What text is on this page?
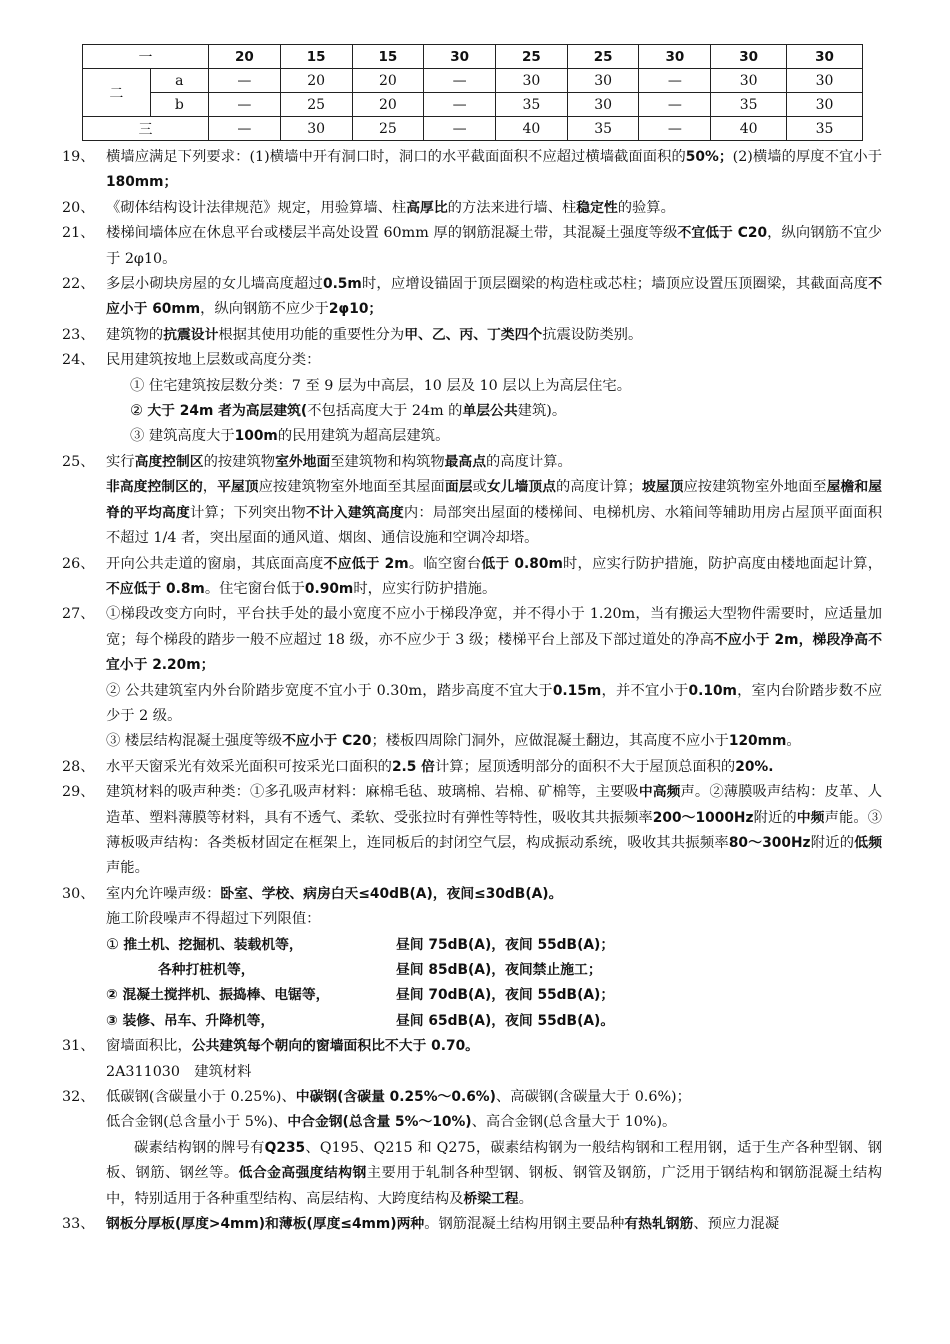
一		20	15	15	30	25	25	30	30	30
二	a	—	20	20	—	30	30	—	30	30
	b	—	25	20	—	35	30	—	35	30
三		—	30	25	—	40	35	—	40	35
19、 横墙应满足下列要求：(1)横墙中开有洞口时，洞口的水平截面面积不应超过横墙截面面积的50%；(2)横墙的厚度不宜小于180mm；
20、 《砌体结构设计法律规范》规定，用验算墙、柱高厚比的方法来进行墙、柱稳定性的验算。
21、 楼梯间墙体应在休息平台或楼层半高处设置 60mm 厚的钢筋混凝土带，其混凝土强度等级不宜低于 C20，纵向钢筋不宜少于 2φ10。
22、 多层小砌块房屋的女儿墙高度超过0.5m时，应增设锚固于顶层圈梁的构造柱或芯柱；墙顶应设置压顶圈梁，其截面高度不应小于 60mm，纵向钢筋不应少于2φ10；
23、 建筑物的抗震设计根据其使用功能的重要性分为甲、乙、丙、丁类四个抗震设防类别。
24、 民用建筑按地上层数或高度分类：
① 住宅建筑按层数分类：7 至 9 层为中高层，10 层及 10 层以上为高层住宅。
② 大于 24m 者为高层建筑(不包括高度大于 24m 的单层公共建筑)。
③ 建筑高度大于100m的民用建筑为超高层建筑。
25、 实行高度控制区的按建筑物室外地面至建筑物和构筑物最高点的高度计算。
非高度控制区的，平屋顶应按建筑物室外地面至其屋面面层或女儿墙顶点的高度计算；坡屋顶应按建筑物室外地面至屋檐和屋脊的平均高度计算；下列突出物不计入建筑高度内：局部突出屋面的楼梯间、电梯机房、水箱间等辅助用房占屋顶平面面积不超过 1/4 者，突出屋面的通风道、烟囱、通信设施和空调冷却塔。
26、 开向公共走道的窗扇，其底面高度不应低于 2m。临空窗台低于 0.80m时，应实行防护措施，防护高度由楼地面起计算，不应低于 0.8m。住宅窗台低于0.90m时，应实行防护措施。
27、 ①梯段改变方向时，平台扶手处的最小宽度不应小于梯段净宽，并不得小于 1.20m，当有搬运大型物件需要时，应适量加宽；每个梯段的踏步一般不应超过 18 级，亦不应少于 3 级；楼梯平台上部及下部过道处的净高不应小于 2m，梯段净高不宜小于 2.20m；
② 公共建筑室内外台阶踏步宽度不宜小于 0.30m，踏步高度不宜大于0.15m，并不宜小于0.10m，室内台阶踏步数不应少于 2 级。
③ 楼层结构混凝土强度等级不应小于 C20；楼板四周除门洞外，应做混凝土翻边，其高度不应小于120mm。
28、 水平天窗采光有效采光面积可按采光口面积的2.5 倍计算；屋顶透明部分的面积不大于屋顶总面积的20%.
29、 建筑材料的吸声种类：①多孔吸声材料：麻棉毛毡、玻璃棉、岩棉、矿棉等，主要吸中高频声。②薄膜吸声结构：皮革、人造革、塑料薄膜等材料，具有不透气、柔软、受张拉时有弹性等特性，吸收其共振频率200～1000Hz附近的中频声能。③薄板吸声结构：各类板材固定在框架上，连同板后的封闭空气层，构成振动系统，吸收其共振频率80～300Hz附近的低频声能。
30、 室内允许噪声级：卧室、学校、病房白天≤40dB(A)，夜间≤30dB(A)。
施工阶段噪声不得超过下列限值：
① 推土机、挖掘机、装载机等，	昼间 75dB(A)，夜间 55dB(A)；
各种打桩机等，	昼间 85dB(A)，夜间禁止施工；
② 混凝土搅拌机、振捣棒、电锯等，	昼间 70dB(A)，夜间 55dB(A)；
③ 装修、吊车、升降机等，	昼间 65dB(A)，夜间 55dB(A)。
31、 窗墙面积比，公共建筑每个朝向的窗墙面积比不大于 0.70。
2A311030　建筑材料
32、 低碳钢(含碳量小于 0.25%)、中碳钢(含碳量 0.25%～0.6%)、高碳钢(含碳量大于 0.6%)；
低合金钢(总含量小于 5%)、中合金钢(总含量 5%～10%)、高合金钢(总含量大于 10%)。
碳素结构钢的牌号有Q235、Q195、Q215 和 Q275，碳素结构钢为一般结构钢和工程用钢，适于生产各种型钢、钢板、钢筋、钢丝等。低合金高强度结构钢主要用于轧制各种型钢、钢板、钢管及钢筋，广泛用于钢结构和钢筋混凝土结构中，特别适用于各种重型结构、高层结构、大跨度结构及桥梁工程。
33、 钢板分厚板(厚度>4mm)和薄板(厚度≤4mm)两种。钢筋混凝土结构用钢主要品种有热轧钢筋、预应力混凝
